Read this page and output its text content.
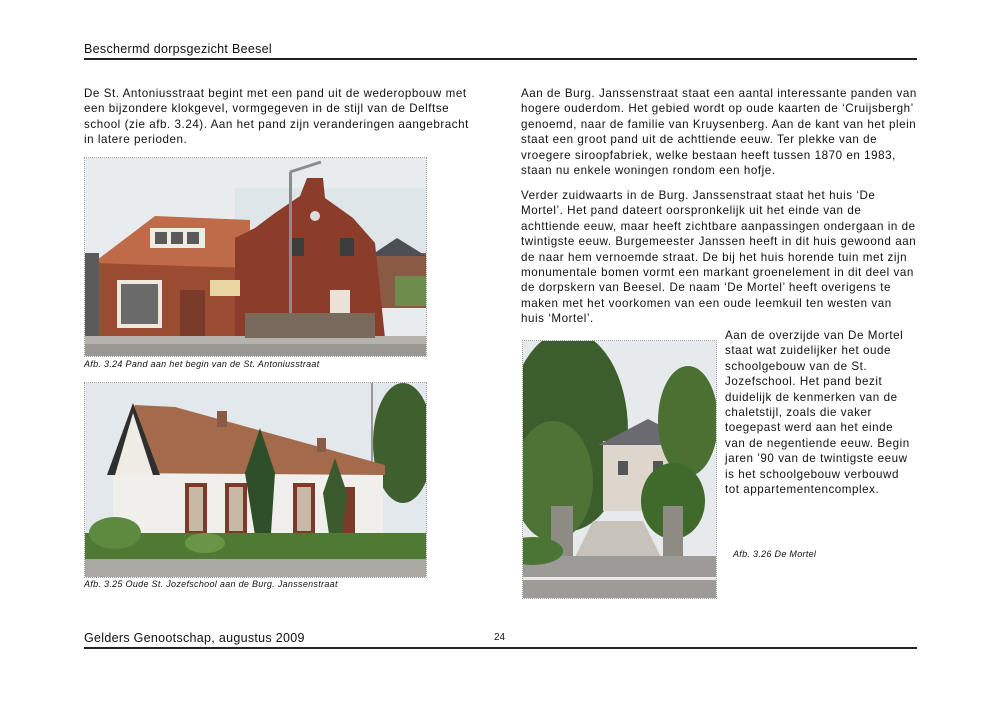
Beschermd dorpsgezicht Beesel

De St. Antoniusstraat begint met een pand uit de wederopbouw met een bijzondere klokgevel, vormgegeven in de stijl van de Delftse school (zie afb. 3.24). Aan het pand zijn veranderingen aangebracht in latere perioden.

Afb. 3.24 Pand aan het begin van de St. Antoniusstraat
Afb. 3.25 Oude St. Jozefschool aan de Burg. Janssenstraat

Aan de Burg. Janssenstraat staat een aantal interessante panden van hogere ouderdom. Het gebied wordt op oude kaarten de ‘Cruijsbergh’ genoemd, naar de familie van Kruysenberg. Aan de kant van het plein staat een groot pand uit de achttiende eeuw. Ter plekke van de vroegere siroopfabriek, welke bestaan heeft tussen 1870 en 1983, staan nu enkele woningen rondom een hofje.

Verder zuidwaarts in de Burg. Janssenstraat staat het huis ‘De Mortel’. Het pand dateert oorspronkelijk uit het einde van de achttiende eeuw, maar heeft zichtbare aanpassingen ondergaan in de twintigste eeuw. Burgemeester Janssen heeft in dit huis gewoond aan de naar hem vernoemde straat. De bij het huis horende tuin met zijn monumentale bomen vormt een markant groenelement in dit deel van de dorpskern van Beesel. De naam ‘De Mortel’ heeft overigens te maken met het voorkomen van een oude leemkuil ten westen van huis ‘Mortel’.

Aan de overzijde van De Mortel staat wat zuidelijker het oude schoolgebouw van de St. Jozefschool. Het pand bezit duidelijk de kenmerken van de chaletstijl, zoals die vaker toegepast werd aan het einde van de negentiende eeuw. Begin jaren ’90 van de twintigste eeuw is het schoolgebouw verbouwd tot appartementencomplex.

Afb. 3.26 De Mortel
Gelders Genootschap, augustus 2009	24
